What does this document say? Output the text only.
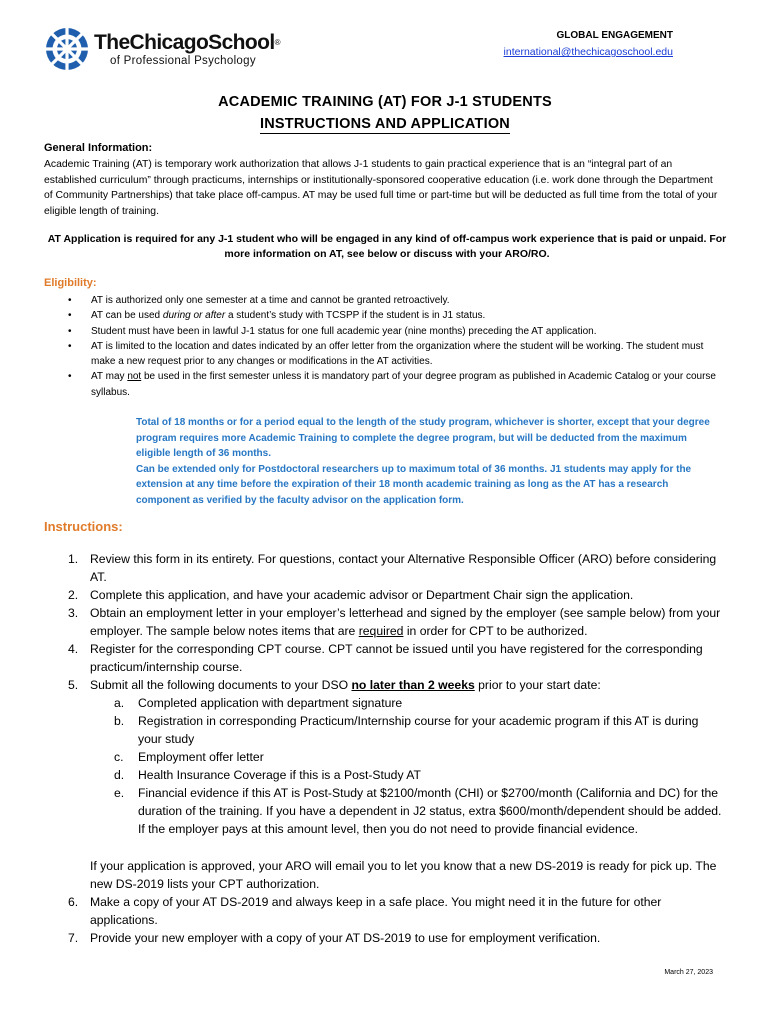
TheChicagoSchool®
of Professional Psychology
GLOBAL ENGAGEMENT
international@thechicagoschool.edu
ACADEMIC TRAINING (AT) FOR J-1 STUDENTS
INSTRUCTIONS AND APPLICATION
General Information:
Academic Training (AT) is temporary work authorization that allows J-1 students to gain practical experience that is an “integral part of an established curriculum” through practicums, internships or institutionally-sponsored cooperative education (i.e. work done through the Department of Community Partnerships) that take place off-campus. AT may be used full time or part-time but will be deducted as full time from the total of your eligible length of training.
AT Application is required for any J-1 student who will be engaged in any kind of off-campus work experience that is paid or unpaid. For more information on AT, see below or discuss with your ARO/RO.
Eligibility:
• AT is authorized only one semester at a time and cannot be granted retroactively.
• AT can be used during or after a student’s study with TCSPP if the student is in J1 status.
• Student must have been in lawful J-1 status for one full academic year (nine months) preceding the AT application.
• AT is limited to the location and dates indicated by an offer letter from the organization where the student will be working. The student must make a new request prior to any changes or modifications in the AT activities.
• AT may not be used in the first semester unless it is mandatory part of your degree program as published in Academic Catalog or your course syllabus.
Total of 18 months or for a period equal to the length of the study program, whichever is shorter, except that your degree program requires more Academic Training to complete the degree program, but will be deducted from the maximum eligible length of 36 months.
Can be extended only for Postdoctoral researchers up to maximum total of 36 months. J1 students may apply for the extension at any time before the expiration of their 18 month academic training as long as the AT has a research component as verified by the faculty advisor on the application form.
Instructions:
1. Review this form in its entirety. For questions, contact your Alternative Responsible Officer (ARO) before considering AT.
2. Complete this application, and have your academic advisor or Department Chair sign the application.
3. Obtain an employment letter in your employer’s letterhead and signed by the employer (see sample below) from your employer. The sample below notes items that are required in order for CPT to be authorized.
4. Register for the corresponding CPT course. CPT cannot be issued until you have registered for the corresponding practicum/internship course.
5. Submit all the following documents to your DSO no later than 2 weeks prior to your start date:
a. Completed application with department signature
b. Registration in corresponding Practicum/Internship course for your academic program if this AT is during your study
c. Employment offer letter
d. Health Insurance Coverage if this is a Post-Study AT
e. Financial evidence if this AT is Post-Study at $2100/month (CHI) or $2700/month (California and DC) for the duration of the training. If you have a dependent in J2 status, extra $600/month/dependent should be added. If the employer pays at this amount level, then you do not need to provide financial evidence.
If your application is approved, your ARO will email you to let you know that a new DS-2019 is ready for pick up. The new DS-2019 lists your CPT authorization.
6. Make a copy of your AT DS-2019 and always keep in a safe place. You might need it in the future for other applications.
7. Provide your new employer with a copy of your AT DS-2019 to use for employment verification.
March 27, 2023
